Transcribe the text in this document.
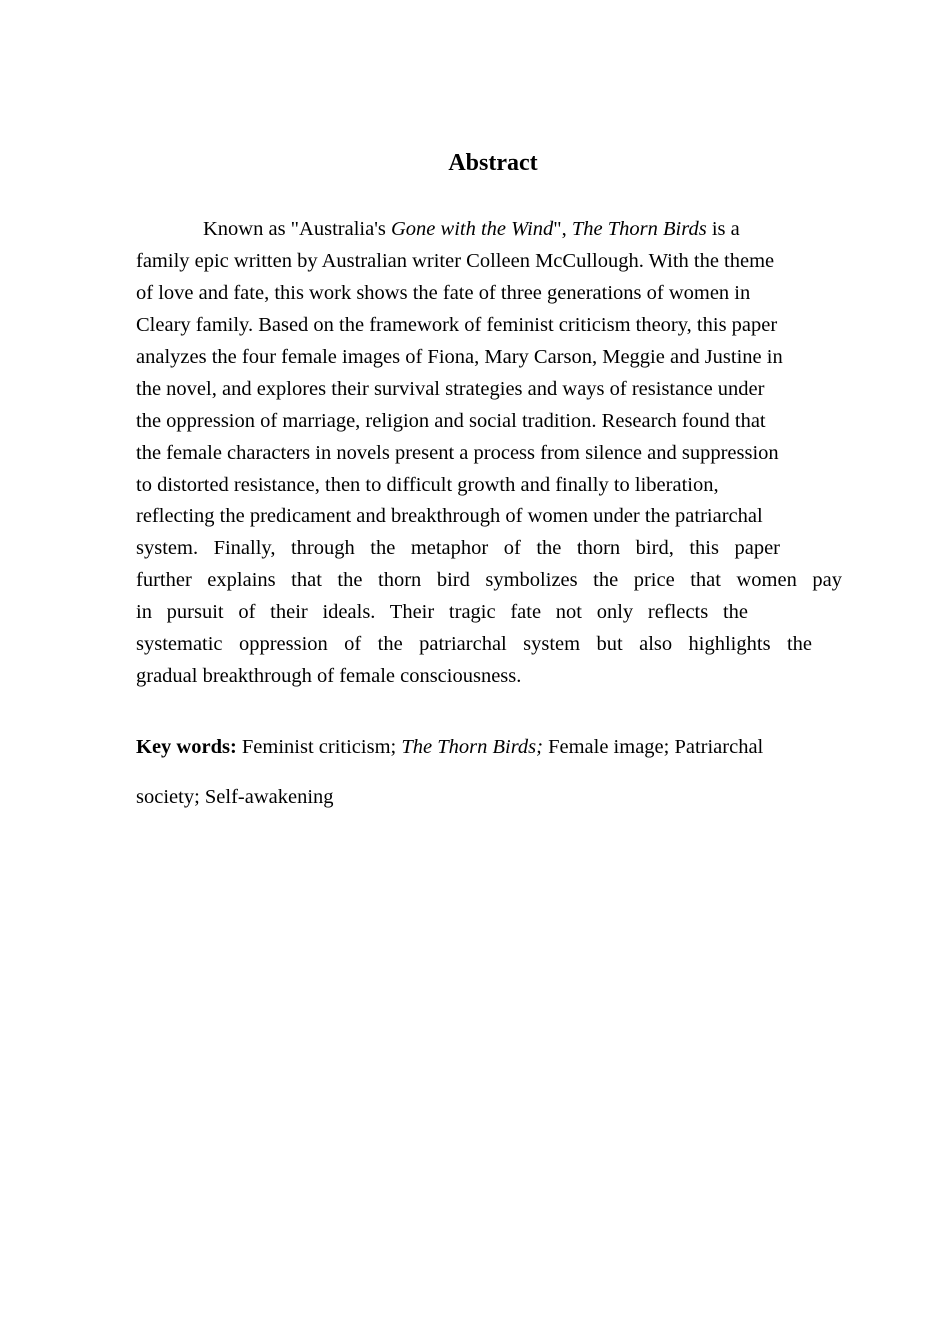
Abstract
Known as "Australia's Gone with the Wind", The Thorn Birds is a
family epic written by Australian writer Colleen McCullough. With the theme
of love and fate, this work shows the fate of three generations of women in
Cleary family. Based on the framework of feminist criticism theory, this paper
analyzes the four female images of Fiona, Mary Carson, Meggie and Justine in
the novel, and explores their survival strategies and ways of resistance under
the oppression of marriage, religion and social tradition. Research found that
the female characters in novels present a process from silence and suppression
to distorted resistance, then to difficult growth and finally to liberation,
reflecting the predicament and breakthrough of women under the patriarchal
system. Finally, through the metaphor of the thorn bird, this paper
further explains that the thorn bird symbolizes the price that women pay
in pursuit of their ideals. Their tragic fate not only reflects the
systematic oppression of the patriarchal system but also highlights the
gradual breakthrough of female consciousness.
Key words: Feminist criticism; The Thorn Birds; Female image; Patriarchal
society; Self-awakening
